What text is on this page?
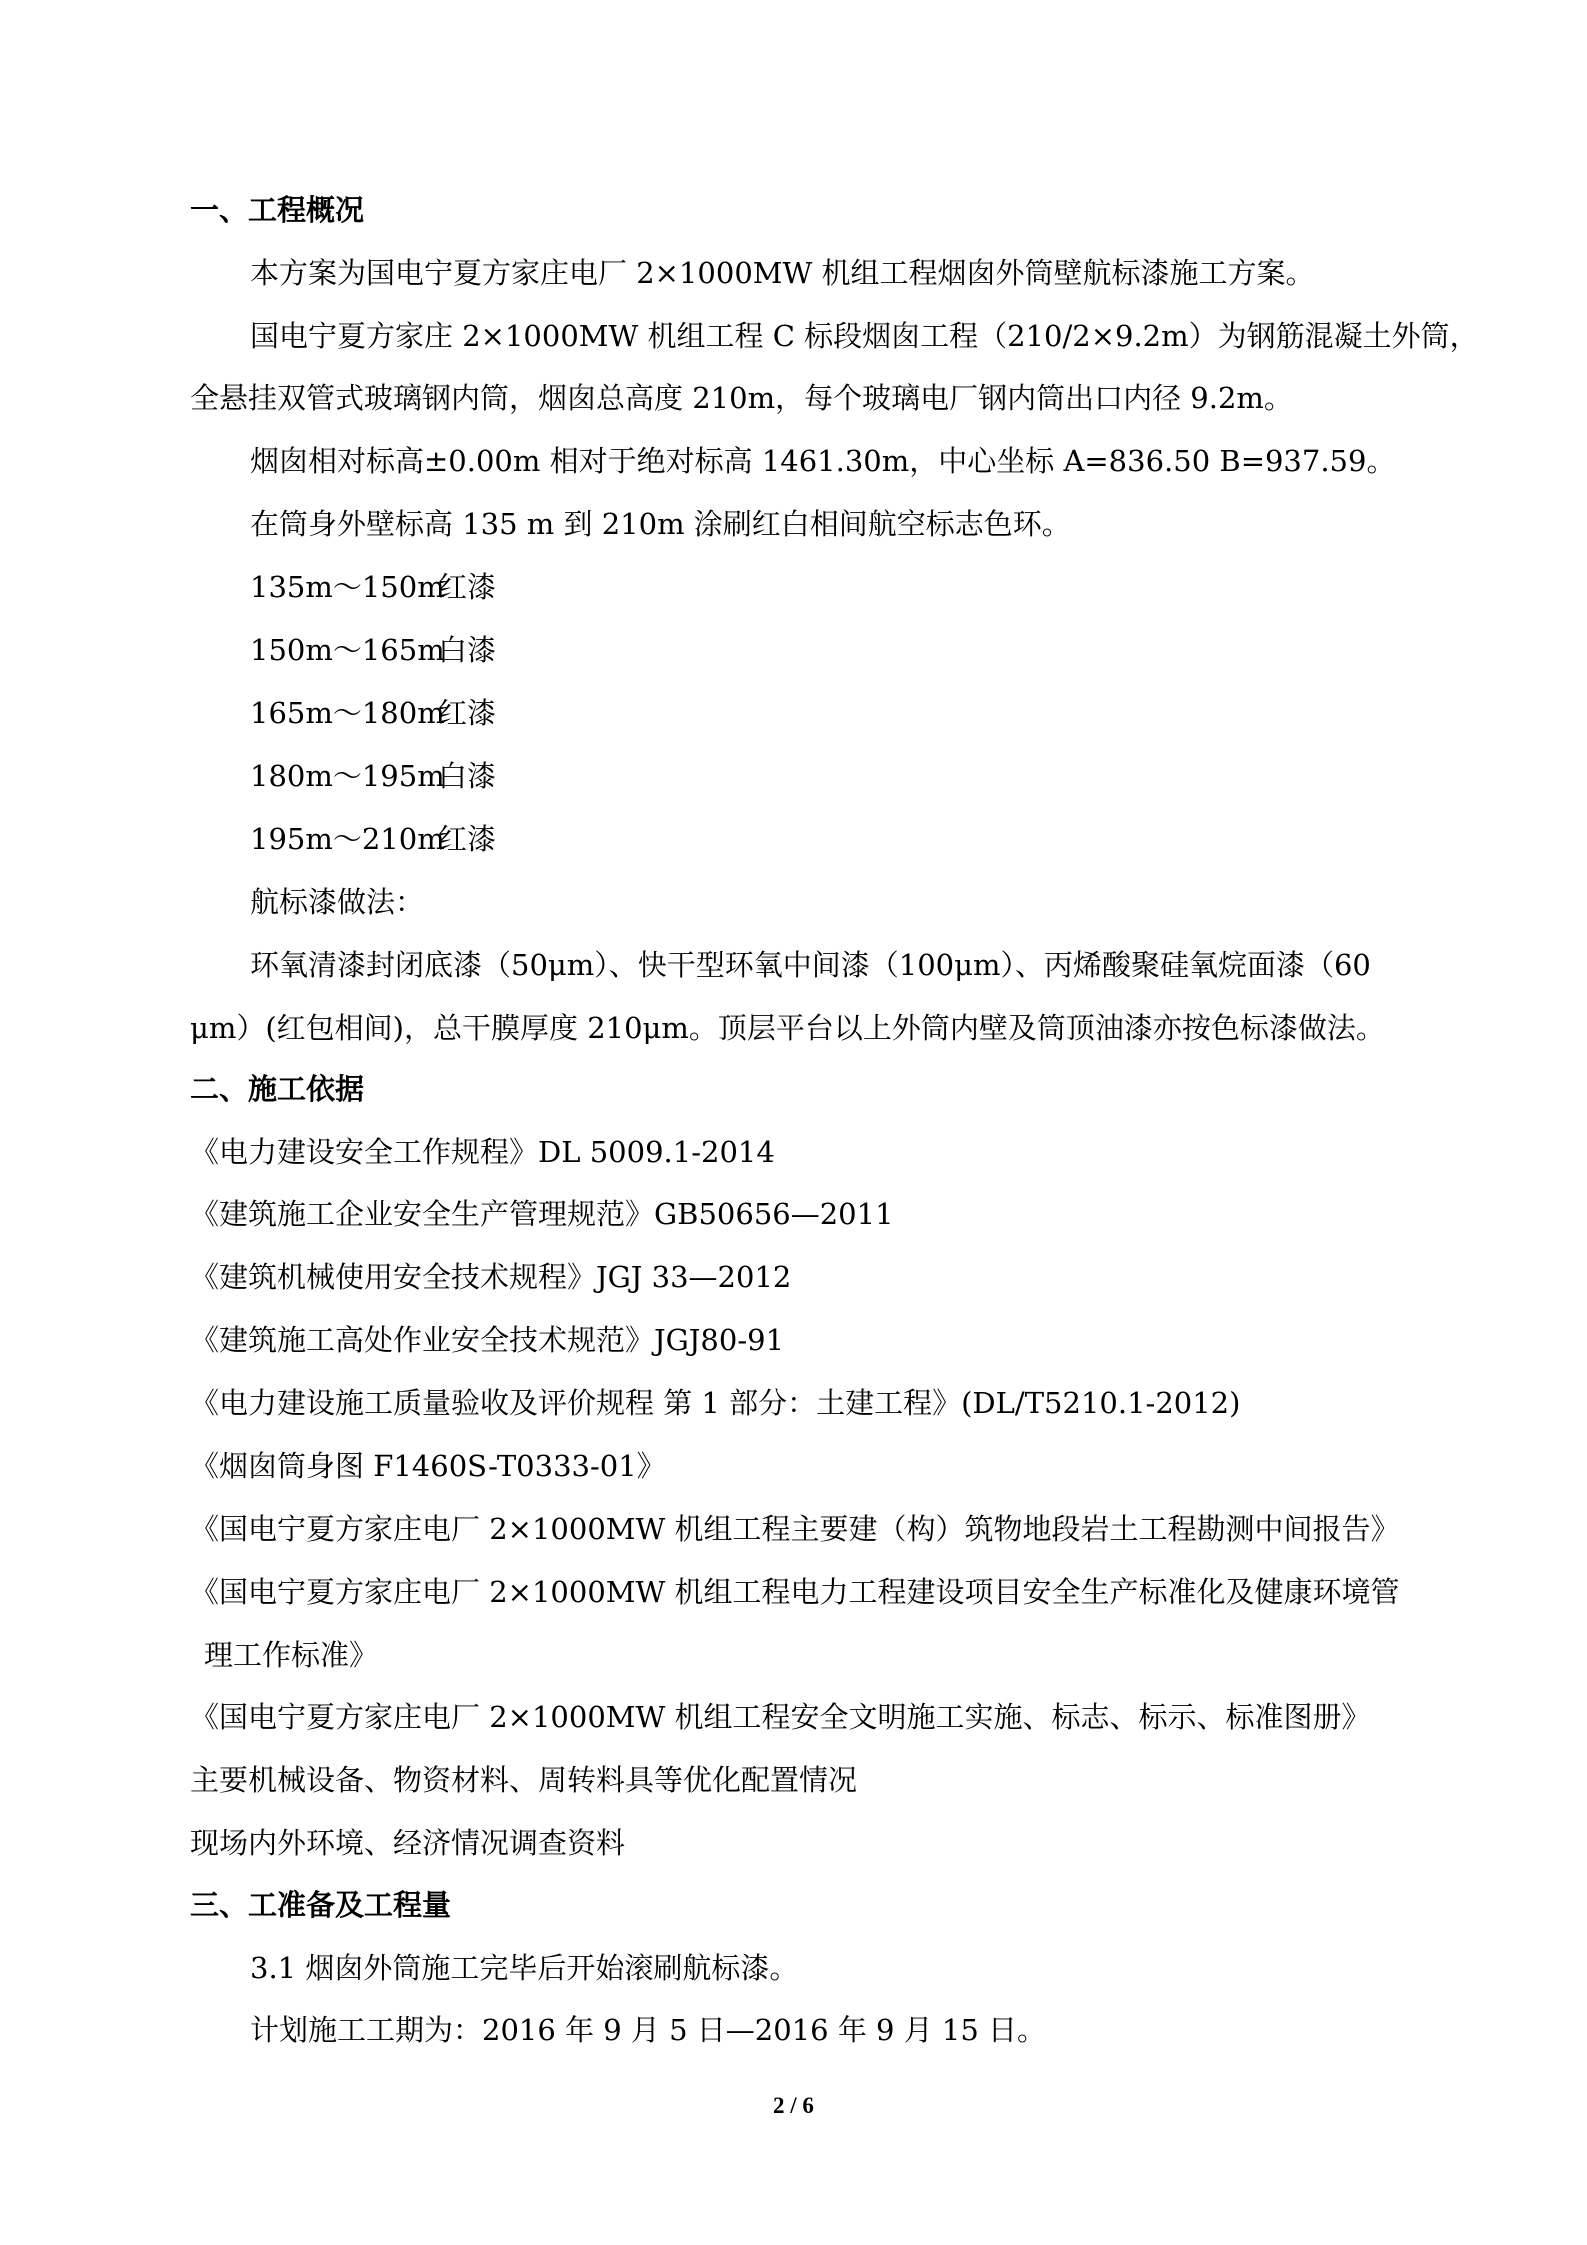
一、工程概况
本方案为国电宁夏方家庄电厂 2×1000MW 机组工程烟囱外筒壁航标漆施工方案。
国电宁夏方家庄 2×1000MW 机组工程 C 标段烟囱工程（210/2×9.2m）为钢筋混凝土外筒，
全悬挂双管式玻璃钢内筒，烟囱总高度 210m，每个玻璃电厂钢内筒出口内径 9.2m。
烟囱相对标高±0.00m 相对于绝对标高 1461.30m，中心坐标 A=836.50 B=937.59。
在筒身外壁标高 135 m 到 210m 涂刷红白相间航空标志色环。
135m～150m红漆
150m～165m白漆
165m～180m红漆
180m～195m白漆
195m～210m红漆
航标漆做法：
环氧清漆封闭底漆（50μm）、快干型环氧中间漆（100μm）、丙烯酸聚硅氧烷面漆（60
μm）(红包相间)，总干膜厚度 210μm。顶层平台以上外筒内壁及筒顶油漆亦按色标漆做法。
二、施工依据
《电力建设安全工作规程》DL 5009.1-2014
《建筑施工企业安全生产管理规范》GB50656—2011
《建筑机械使用安全技术规程》JGJ 33—2012
《建筑施工高处作业安全技术规范》JGJ80-91
《电力建设施工质量验收及评价规程 第 1 部分：土建工程》(DL/T5210.1-2012)
《烟囱筒身图 F1460S-T0333-01》
《国电宁夏方家庄电厂 2×1000MW 机组工程主要建（构）筑物地段岩土工程勘测中间报告》
《国电宁夏方家庄电厂 2×1000MW 机组工程电力工程建设项目安全生产标准化及健康环境管
理工作标准》
《国电宁夏方家庄电厂 2×1000MW 机组工程安全文明施工实施、标志、标示、标准图册》
主要机械设备、物资材料、周转料具等优化配置情况
现场内外环境、经济情况调查资料
三、工准备及工程量
3.1 烟囱外筒施工完毕后开始滚刷航标漆。
计划施工工期为：2016 年 9 月 5 日—2016 年 9 月 15 日。
2 / 6
